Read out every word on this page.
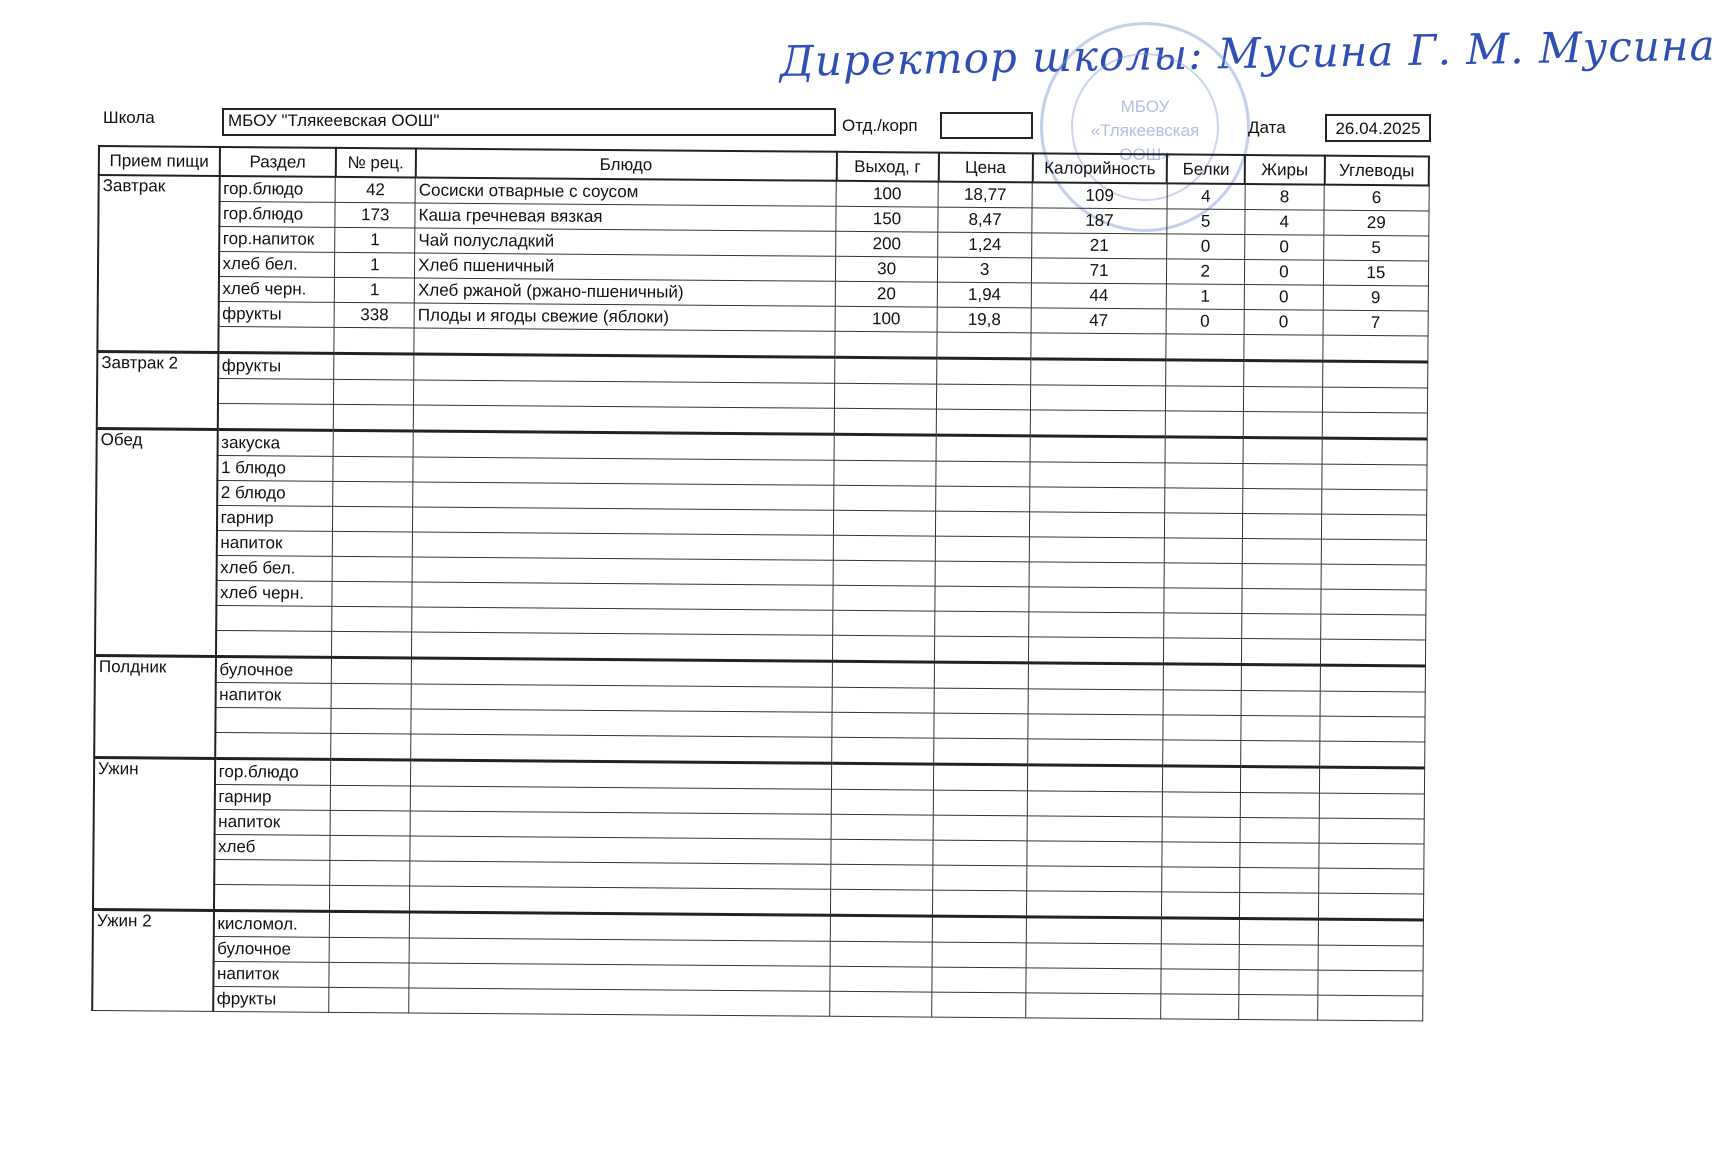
Директор школы: Мусина Г. М. Мусина
МБОУ
«Тлякеевская
ООШ»
Школа	МБОУ "Тлякеевская ООШ"	Отд./корп	Дата	26.04.2025
Прием пищи	Раздел	№ рец.	Блюдо	Выход, г	Цена	Калорийность	Белки	Жиры	Углеводы
Завтрак	гор.блюдо	42	Сосиски отварные с соусом	100	18,77	109	4	8	6
	гор.блюдо	173	Каша гречневая вязкая	150	8,47	187	5	4	29
	гор.напиток	1	Чай полусладкий	200	1,24	21	0	0	5
	хлеб бел.	1	Хлеб пшеничный	30	3	71	2	0	15
	хлеб черн.	1	Хлеб ржаной (ржано-пшеничный)	20	1,94	44	1	0	9
	фрукты	338	Плоды и ягоды свежие (яблоки)	100	19,8	47	0	0	7

Завтрак 2	фрукты								

Обед	закуска								
	1 блюдо								
	2 блюдо								
	гарнир								
	напиток								
	хлеб бел.								
	хлеб черн.								

Полдник	булочное								
	напиток								

Ужин	гор.блюдо								
	гарнир								
	напиток								
	хлеб								

Ужин 2	кисломол.								
	булочное								
	напиток								
	фрукты								
